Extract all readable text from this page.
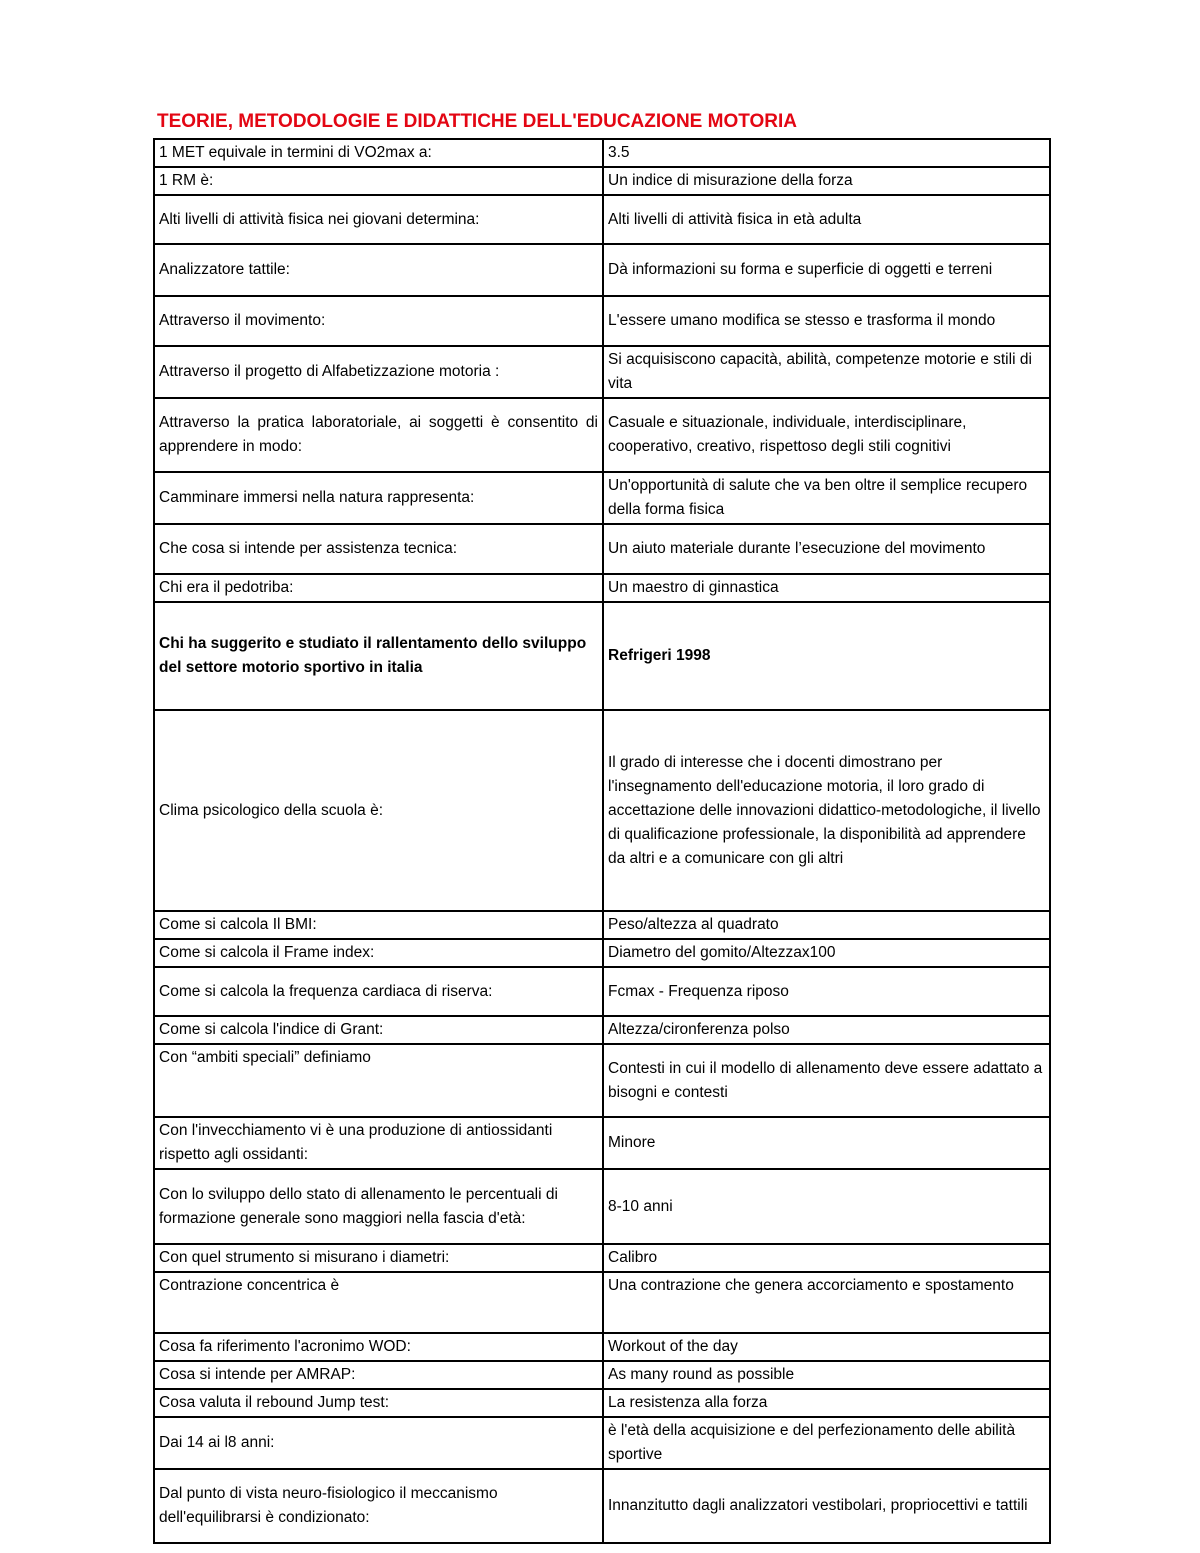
TEORIE, METODOLOGIE E DIDATTICHE DELL'EDUCAZIONE MOTORIA
1 MET equivale in termini di VO2max a:	3.5
1 RM è:	Un indice di misurazione della forza
Alti livelli di attività fisica nei giovani determina:	Alti livelli di attività fisica in età adulta
Analizzatore tattile:	Dà informazioni su forma e superficie di oggetti e terreni
Attraverso il movimento:	L'essere umano modifica se stesso e trasforma il mondo
Attraverso il progetto di Alfabetizzazione motoria :	Si acquisiscono capacità, abilità, competenze motorie e stili di vita
Attraverso la pratica laboratoriale, ai soggetti è consentito di apprendere in modo:	Casuale e situazionale, individuale, interdisciplinare, cooperativo, creativo, rispettoso degli stili cognitivi
Camminare immersi nella natura rappresenta:	Un'opportunità di salute che va ben oltre il semplice recupero della forma fisica
Che cosa si intende per assistenza tecnica:	Un aiuto materiale durante l’esecuzione del movimento
Chi era il pedotriba:	Un maestro di ginnastica
Chi ha suggerito e studiato il rallentamento dello sviluppo del settore motorio sportivo in italia	Refrigeri 1998
Clima psicologico della scuola è:	Il grado di interesse che i docenti dimostrano per l'insegnamento dell'educazione motoria, il loro grado di accettazione delle innovazioni didattico-metodologiche, il livello di qualificazione professionale, la disponibilità ad apprendere da altri e a comunicare con gli altri
Come si calcola Il BMI:	Peso/altezza al quadrato
Come si calcola il Frame index:	Diametro del gomito/Altezzax100
Come si calcola la frequenza cardiaca di riserva:	Fcmax - Frequenza riposo
Come si calcola l'indice di Grant:	Altezza/cironferenza polso
Con “ambiti speciali” definiamo	Contesti in cui il modello di allenamento deve essere adattato a bisogni e contesti
Con l'invecchiamento vi è una produzione di antiossidanti rispetto agli ossidanti:	Minore
Con lo sviluppo dello stato di allenamento le percentuali di formazione generale sono maggiori nella fascia d'età:	8-10 anni
Con quel strumento si misurano i diametri:	Calibro
Contrazione concentrica è	Una contrazione che genera accorciamento e spostamento
Cosa fa riferimento l'acronimo WOD:	Workout of the day
Cosa si intende per AMRAP:	As many round as possible
Cosa valuta il rebound Jump test:	La resistenza alla forza
Dai 14 ai l8 anni:	è l'età della acquisizione e del perfezionamento delle abilità sportive
Dal punto di vista neuro-fisiologico il meccanismo dell'equilibrarsi è condizionato:	Innanzitutto dagli analizzatori vestibolari, propriocettivi e tattili
